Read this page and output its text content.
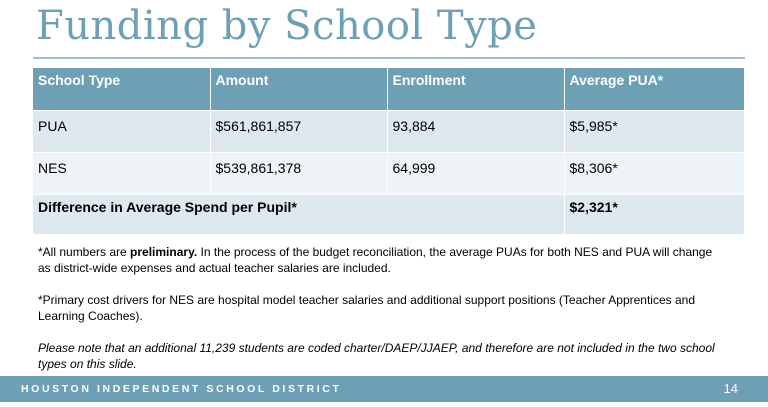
Funding by School Type
School Type	Amount	Enrollment	Average PUA*
PUA	$561,861,857	93,884	$5,985*
NES	$539,861,378	64,999	$8,306*
Difference in Average Spend per Pupil*			$2,321*

*All numbers are preliminary. In the process of the budget reconciliation, the average PUAs for both NES and PUA will change as district-wide expenses and actual teacher salaries are included.

*Primary cost drivers for NES are hospital model teacher salaries and additional support positions (Teacher Apprentices and Learning Coaches).

Please note that an additional 11,239 students are coded charter/DAEP/JJAEP, and therefore are not included in the two school types on this slide.

HOUSTON INDEPENDENT SCHOOL DISTRICT	14
